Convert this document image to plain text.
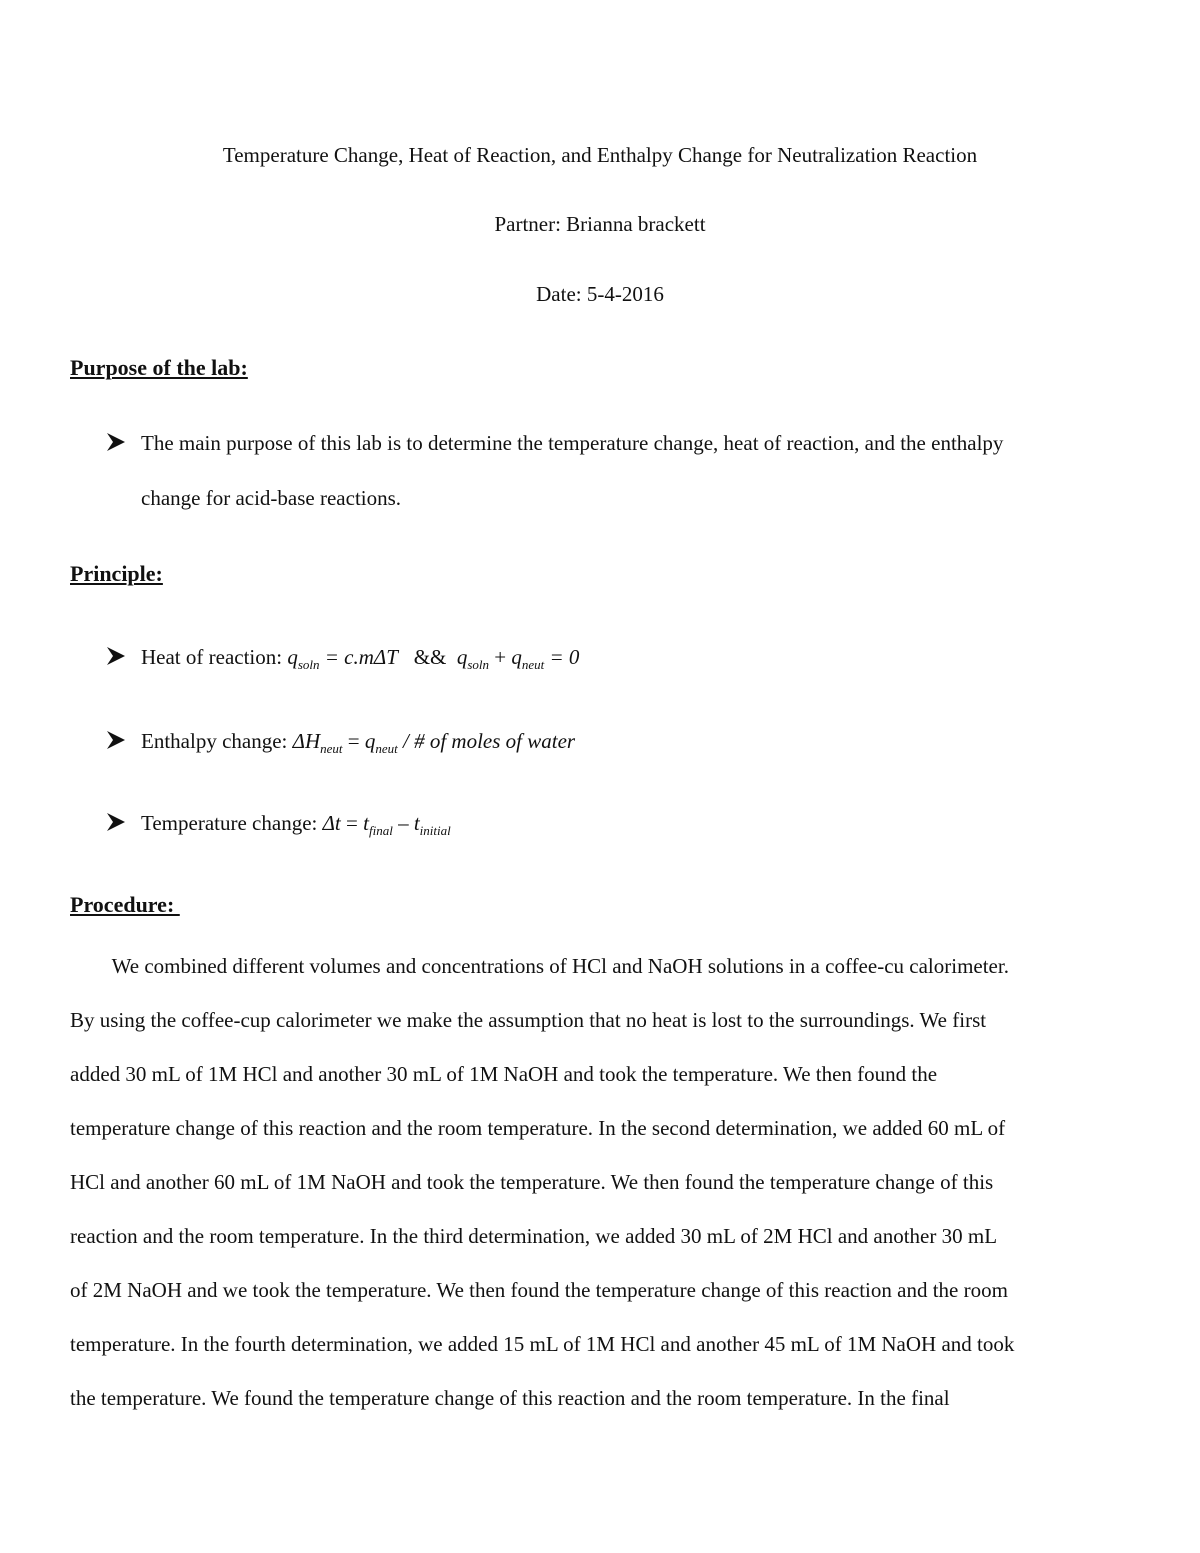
Temperature Change, Heat of Reaction, and Enthalpy Change for Neutralization Reaction
Partner: Brianna brackett
Date: 5-4-2016
Purpose of the lab:
The main purpose of this lab is to determine the temperature change, heat of reaction, and the enthalpy
change for acid-base reactions.
Principle:
Heat of reaction: $q_{soln} = c.m\Delta T$   &&  $q_{soln} + q_{neut} = 0$
Enthalpy change: $\Delta H_{neut} = q_{neut}$ / # of moles of water
Temperature change: $\Delta t = t_{final} - t_{initial}$
Procedure:
We combined different volumes and concentrations of HCl and NaOH solutions in a coffee-cu calorimeter.
By using the coffee-cup calorimeter we make the assumption that no heat is lost to the surroundings. We first
added 30 mL of 1M HCl and another 30 mL of 1M NaOH and took the temperature. We then found the
temperature change of this reaction and the room temperature. In the second determination, we added 60 mL of
HCl and another 60 mL of 1M NaOH and took the temperature. We then found the temperature change of this
reaction and the room temperature. In the third determination, we added 30 mL of 2M HCl and another 30 mL
of 2M NaOH and we took the temperature. We then found the temperature change of this reaction and the room
temperature. In the fourth determination, we added 15 mL of 1M HCl and another 45 mL of 1M NaOH and took
the temperature. We found the temperature change of this reaction and the room temperature. In the final
